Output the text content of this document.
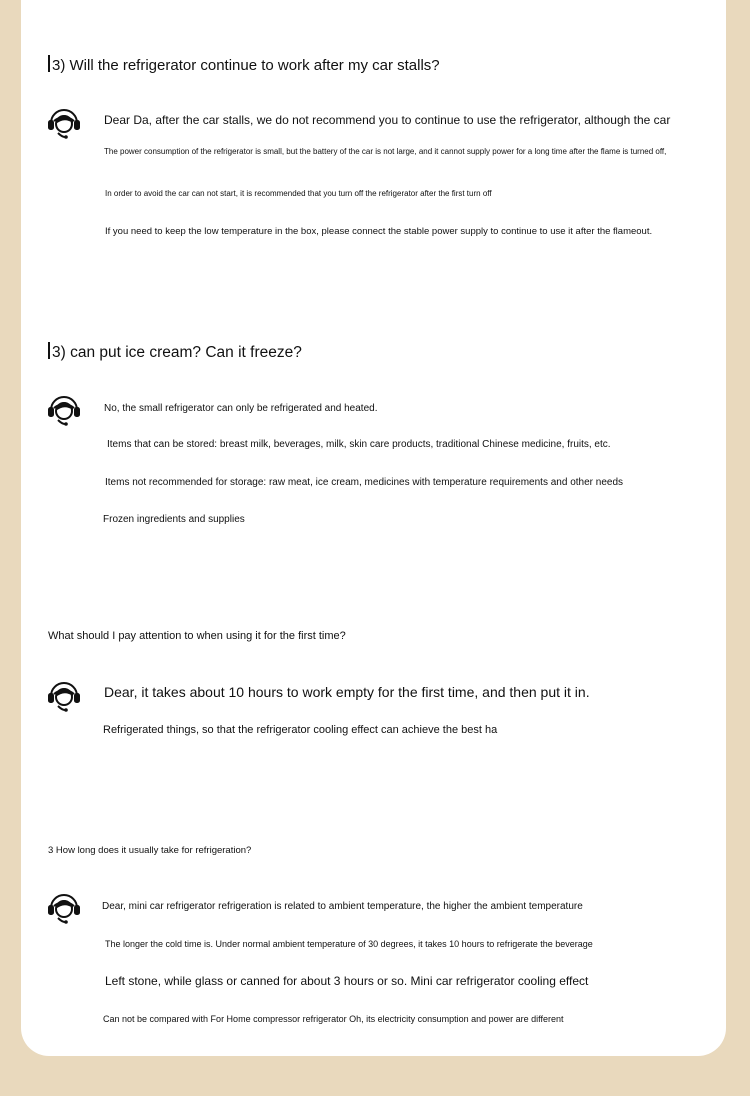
3) Will the refrigerator continue to work after my car stalls?
Dear Da, after the car stalls, we do not recommend you to continue to use the refrigerator, although the car
The power consumption of the refrigerator is small, but the battery of the car is not large, and it cannot supply power for a long time after the flame is turned off,
In order to avoid the car can not start, it is recommended that you turn off the refrigerator after the first turn off
If you need to keep the low temperature in the box, please connect the stable power supply to continue to use it after the flameout.
3) can put ice cream? Can it freeze?
No, the small refrigerator can only be refrigerated and heated.
Items that can be stored: breast milk, beverages, milk, skin care products, traditional Chinese medicine, fruits, etc.
Items not recommended for storage: raw meat, ice cream, medicines with temperature requirements and other needs
Frozen ingredients and supplies
What should I pay attention to when using it for the first time?
Dear, it takes about 10 hours to work empty for the first time, and then put it in.
Refrigerated things, so that the refrigerator cooling effect can achieve the best ha
3 How long does it usually take for refrigeration?
Dear, mini car refrigerator refrigeration is related to ambient temperature, the higher the ambient temperature
The longer the cold time is. Under normal ambient temperature of 30 degrees, it takes 10 hours to refrigerate the beverage
Left stone, while glass or canned for about 3 hours or so. Mini car refrigerator cooling effect
Can not be compared with For Home compressor refrigerator Oh, its electricity consumption and power are different
